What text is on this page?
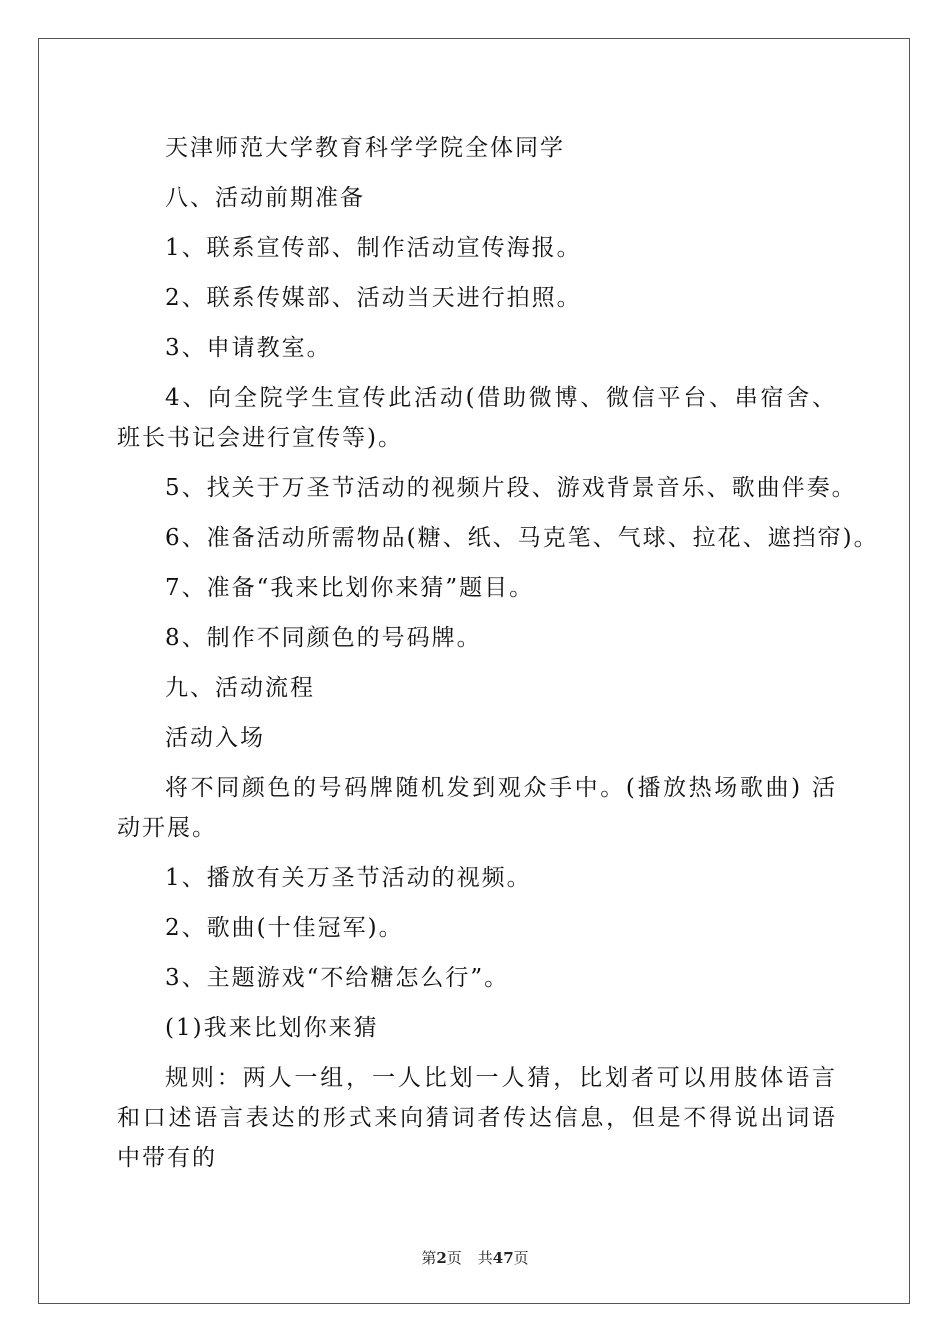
天津师范大学教育科学学院全体同学

八、活动前期准备

1、联系宣传部、制作活动宣传海报。

2、联系传媒部、活动当天进行拍照。

3、申请教室。

4、向全院学生宣传此活动(借助微博、微信平台、串宿舍、班长书记会进行宣传等)。

5、找关于万圣节活动的视频片段、游戏背景音乐、歌曲伴奏。

6、准备活动所需物品(糖、纸、马克笔、气球、拉花、遮挡帘)。

7、准备“我来比划你来猜”题目。

8、制作不同颜色的号码牌。

九、活动流程

活动入场

将不同颜色的号码牌随机发到观众手中。(播放热场歌曲) 活动开展。

1、播放有关万圣节活动的视频。

2、歌曲(十佳冠军)。

3、主题游戏“不给糖怎么行”。

(1)我来比划你来猜

规则：两人一组，一人比划一人猜，比划者可以用肢体语言和口述语言表达的形式来向猜词者传达信息，但是不得说出词语中带有的

第2页 共47页
